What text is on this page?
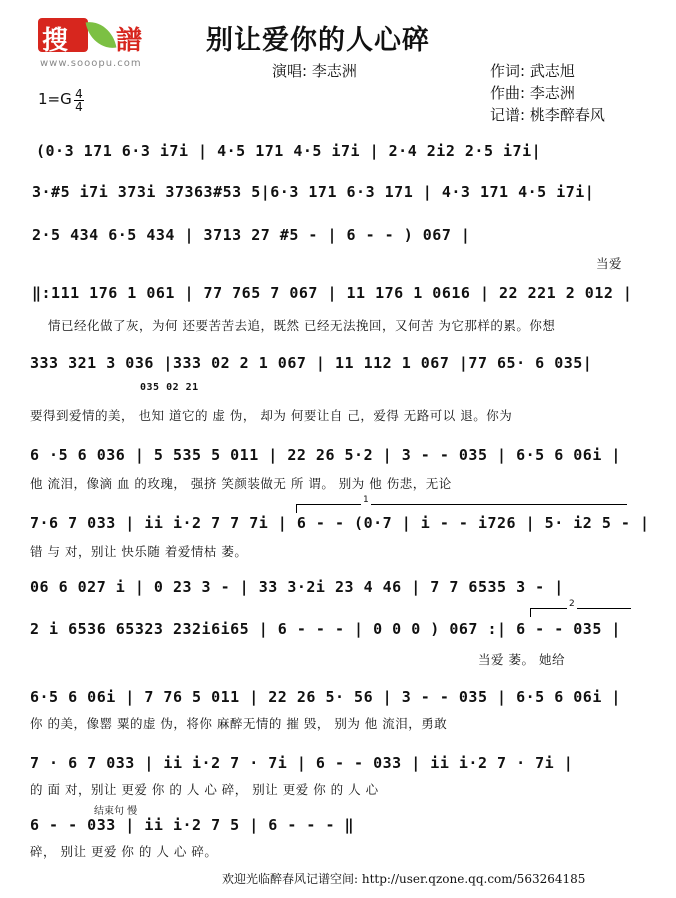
搜 譜
www.sooopu.com
别让爱你的人心碎
演唱: 李志洲	作词: 武志旭
作曲: 李志洲
记谱: 桃李醉春风
$1=G \frac{4}{4}$
(0·3 171 6·3 i7i | 4·5 171 4·5 i7i | 2·4 2i2 2·5 i7i|
3·#5 i7i 373i 37363#53 5|6·3 171 6·3 171 | 4·3 171 4·5 i7i|
2·5 434 6·5 434 | 3713 27 #5 - | 6 - - ) 067 |
当爱
‖:111 176 1 061 | 77 765 7 067 | 11 176 1 0616 | 22 221 2 012 |
情已经化做了灰，为何 还要苦苦去追，既然 已经无法挽回，又何苦 为它那样的累。你想
333 321 3 036 |333 02 2 1 067 | 11 112 1 067 |77 65· 6 035|
035 02 21
要得到爱情的美， 也知 道它的 虚 伪， 却为 何要让自 己，爱得 无路可以 退。你为
6 ·5 6 036 | 5 535 5 011 | 22 26 5·2 | 3 - - 035 | 6·5 6 06i |
他 流泪，像滴 血 的玫瑰， 强挤 笑颜装做无 所 谓。 别为 他 伤悲，无论
1
7·6 7 033 | ii i·2 7 7 7i | 6 - - (0·7 | i - - i726 | 5· i2 5 - |
错 与 对，别让 快乐随 着爱情枯 萎。
06 6 027 i | 0 23 3 - | 33 3·2i 23 4 46 | 7 7 6535 3 - |
2
2 i 6536 65323 232i6i65 | 6 - - - | 0 0 0 ) 067 :| 6 - - 035 |
当爱 萎。 她给
6·5 6 06i | 7 76 5 011 | 22 26 5· 56 | 3 - - 035 | 6·5 6 06i |
你 的美，像罂 粟的虚 伪，将你 麻醉无情的 摧 毁， 别为 他 流泪，勇敢
7 · 6 7 033 | ii i·2 7 · 7i | 6 - - 033 | ii i·2 7 · 7i |
的 面 对，别让 更爱 你 的 人 心 碎， 别让 更爱 你 的 人 心
结束句 慢
6 - - 033 | ii i·2 7 5 | 6 - - - ‖
碎， 别让 更爱 你 的 人 心 碎。
欢迎光临醉春风记谱空间: http://user.qzone.qq.com/563264185
